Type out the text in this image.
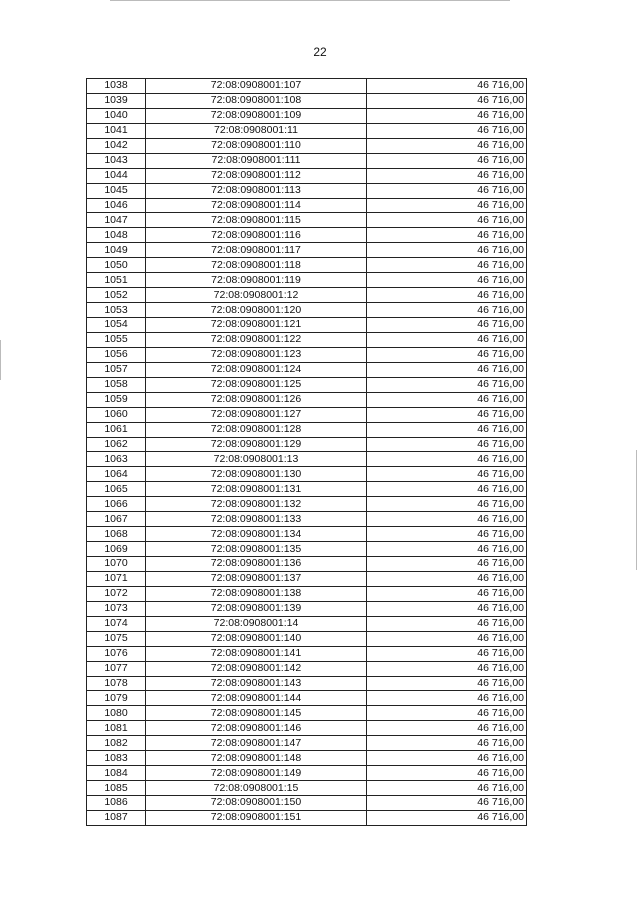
22
1038	72:08:0908001:107	46 716,00
1039	72:08:0908001:108	46 716,00
1040	72:08:0908001:109	46 716,00
1041	72:08:0908001:11	46 716,00
1042	72:08:0908001:110	46 716,00
1043	72:08:0908001:111	46 716,00
1044	72:08:0908001:112	46 716,00
1045	72:08:0908001:113	46 716,00
1046	72:08:0908001:114	46 716,00
1047	72:08:0908001:115	46 716,00
1048	72:08:0908001:116	46 716,00
1049	72:08:0908001:117	46 716,00
1050	72:08:0908001:118	46 716,00
1051	72:08:0908001:119	46 716,00
1052	72:08:0908001:12	46 716,00
1053	72:08:0908001:120	46 716,00
1054	72:08:0908001:121	46 716,00
1055	72:08:0908001:122	46 716,00
1056	72:08:0908001:123	46 716,00
1057	72:08:0908001:124	46 716,00
1058	72:08:0908001:125	46 716,00
1059	72:08:0908001:126	46 716,00
1060	72:08:0908001:127	46 716,00
1061	72:08:0908001:128	46 716,00
1062	72:08:0908001:129	46 716,00
1063	72:08:0908001:13	46 716,00
1064	72:08:0908001:130	46 716,00
1065	72:08:0908001:131	46 716,00
1066	72:08:0908001:132	46 716,00
1067	72:08:0908001:133	46 716,00
1068	72:08:0908001:134	46 716,00
1069	72:08:0908001:135	46 716,00
1070	72:08:0908001:136	46 716,00
1071	72:08:0908001:137	46 716,00
1072	72:08:0908001:138	46 716,00
1073	72:08:0908001:139	46 716,00
1074	72:08:0908001:14	46 716,00
1075	72:08:0908001:140	46 716,00
1076	72:08:0908001:141	46 716,00
1077	72:08:0908001:142	46 716,00
1078	72:08:0908001:143	46 716,00
1079	72:08:0908001:144	46 716,00
1080	72:08:0908001:145	46 716,00
1081	72:08:0908001:146	46 716,00
1082	72:08:0908001:147	46 716,00
1083	72:08:0908001:148	46 716,00
1084	72:08:0908001:149	46 716,00
1085	72:08:0908001:15	46 716,00
1086	72:08:0908001:150	46 716,00
1087	72:08:0908001:151	46 716,00
